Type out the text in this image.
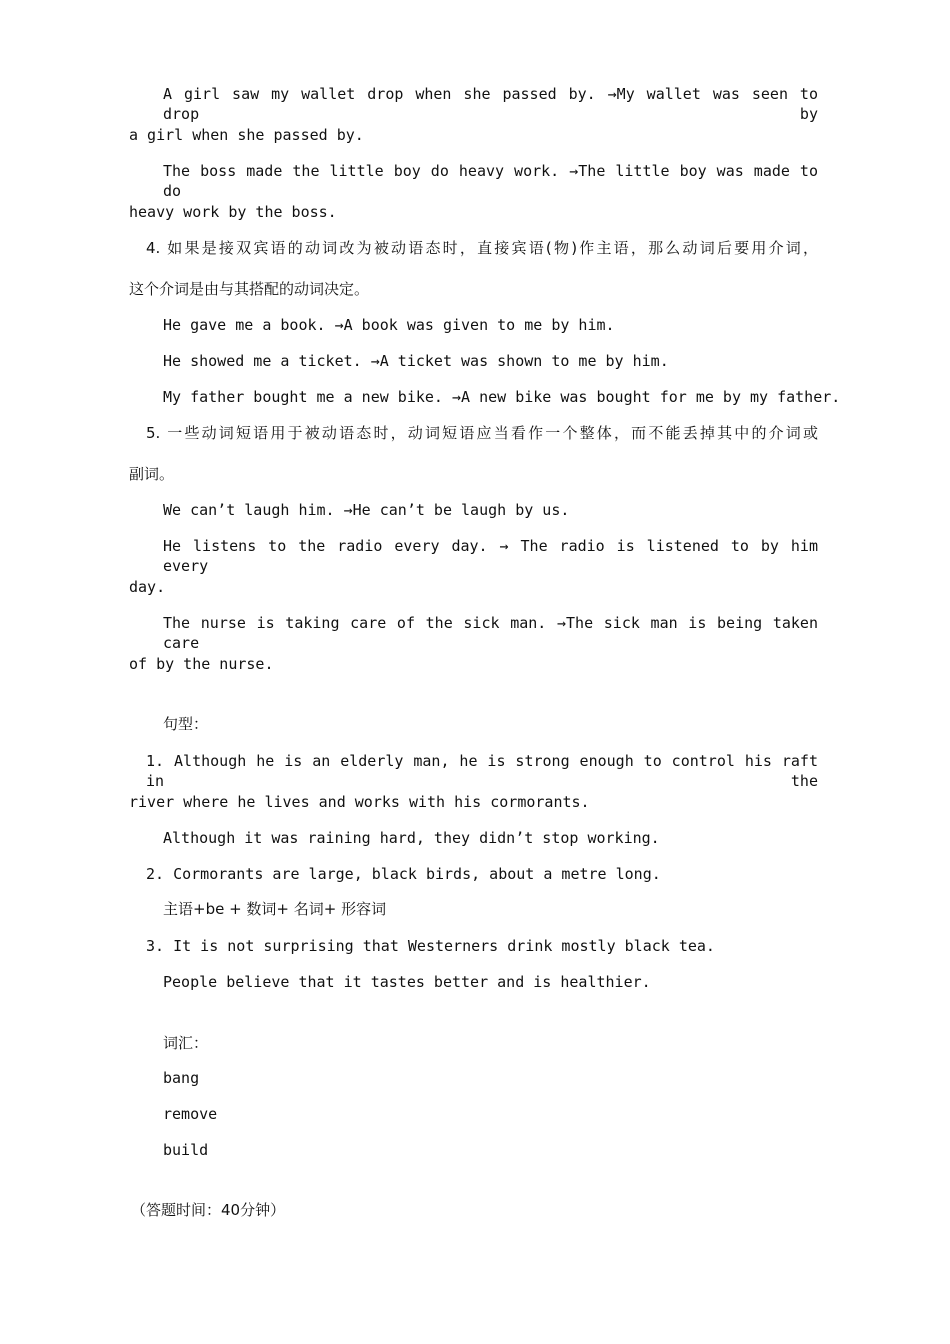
A girl saw my wallet drop when she passed by. →My wallet was seen to drop by
a girl when she passed by.
The boss made the little boy do heavy work. →The little boy was made to do
heavy work by the boss.
4. 如果是接双宾语的动词改为被动语态时，直接宾语(物)作主语，那么动词后要用介词，
这个介词是由与其搭配的动词决定。
He gave me a book. →A book was given to me by him.
He showed me a ticket. →A ticket was shown to me by him.
My father bought me a new bike. →A new bike was bought for me by my father.
5. 一些动词短语用于被动语态时，动词短语应当看作一个整体，而不能丢掉其中的介词或
副词。
We can’t laugh him. →He can’t be laugh by us.
He listens to the radio every day. → The radio is listened to by him every
day.
The nurse is taking care of the sick man. →The sick man is being taken care
of by the nurse.
句型：
1. Although he is an elderly man, he is strong enough to control his raft in the
river where he lives and works with his cormorants.
Although it was raining hard, they didn’t stop working.
2. Cormorants are large, black birds, about a metre long.
主语+be + 数词+ 名词+ 形容词
3. It is not surprising that Westerners drink mostly black tea.
People believe that it tastes better and is healthier.
词汇：
bang
remove
build
（答题时间：40分钟）
